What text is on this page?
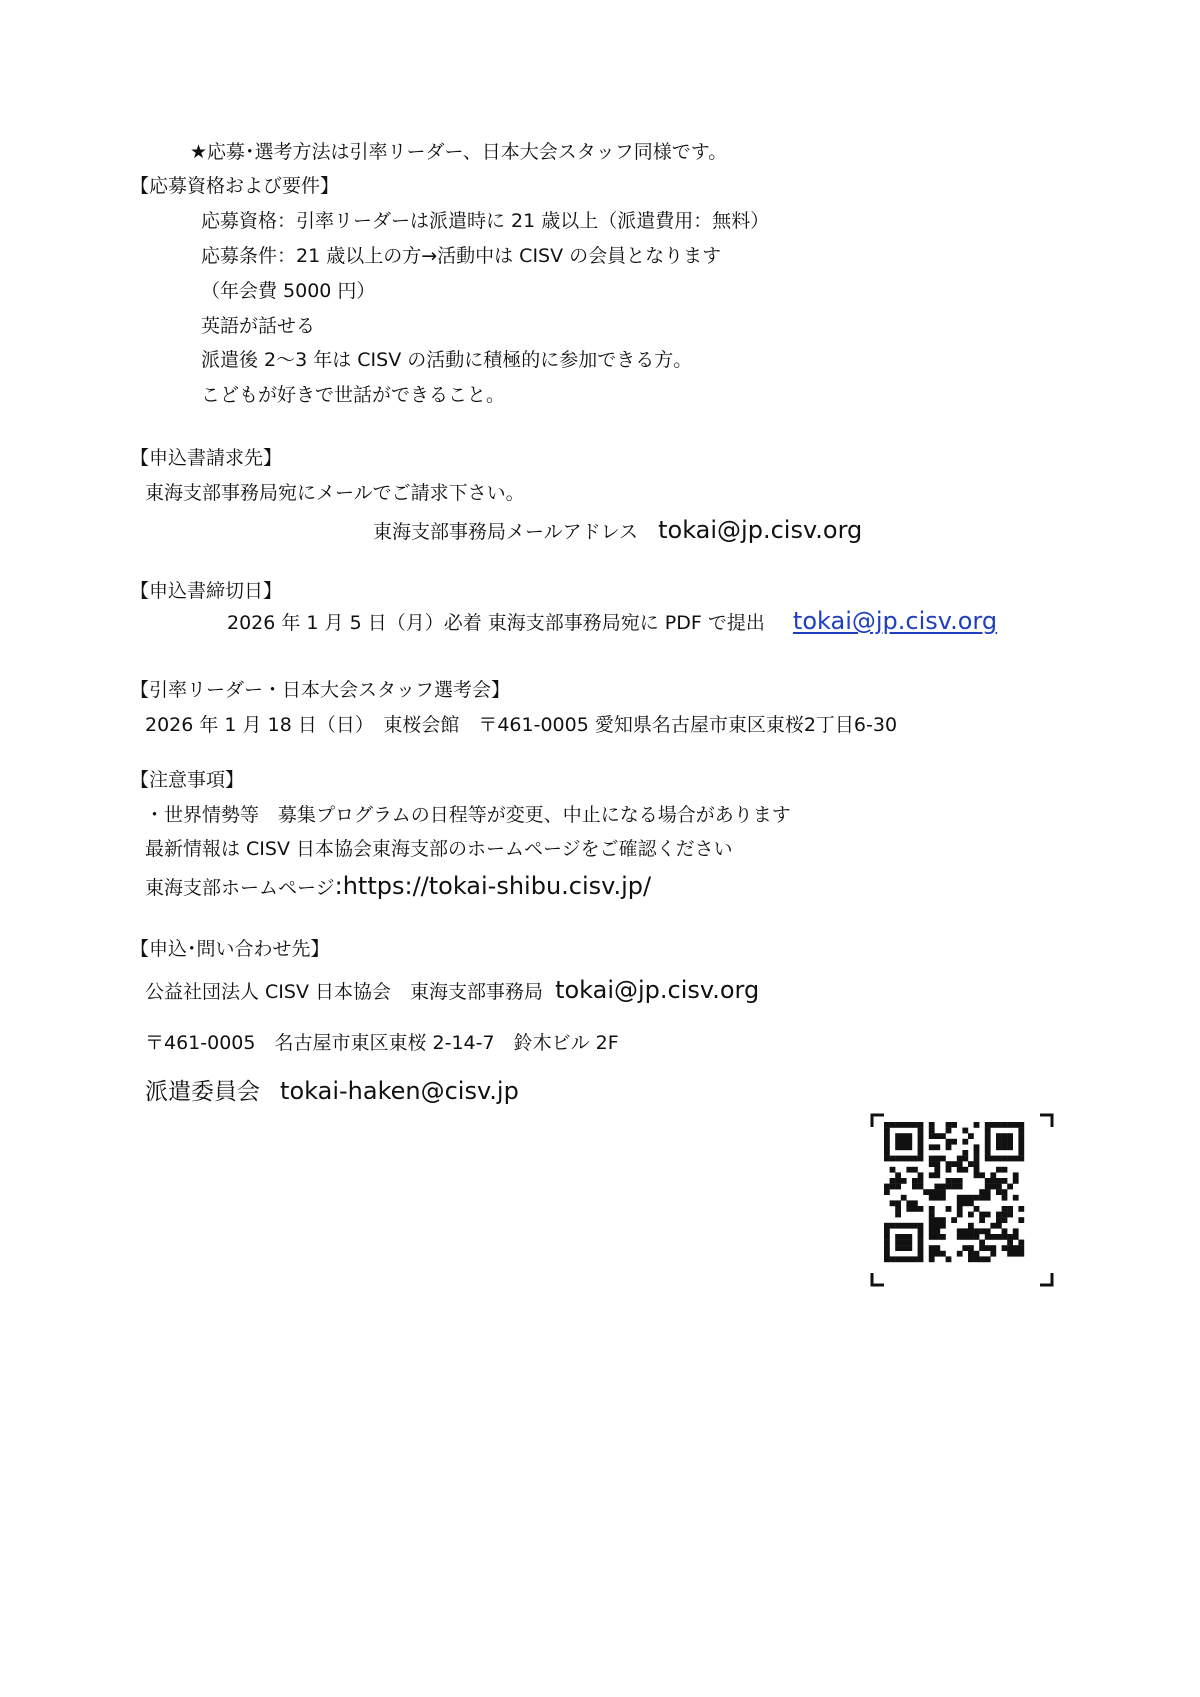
★応募･選考方法は引率リーダー、日本大会スタッフ同様です。
【応募資格および要件】
応募資格：引率リーダーは派遣時に 21 歳以上（派遣費用：無料）
応募条件：21 歳以上の方→活動中は CISV の会員となります
（年会費 5000 円）
英語が話せる
派遣後 2～3 年は CISV の活動に積極的に参加できる方。
こどもが好きで世話ができること。
【申込書請求先】
東海支部事務局宛にメールでご請求下さい。
東海支部事務局メールアドレス tokai@jp.cisv.org
【申込書締切日】
2026 年 1 月 5 日（月）必着 東海支部事務局宛に PDF で提出 tokai@jp.cisv.org
【引率リーダー・日本大会スタッフ選考会】
2026 年 1 月 18 日（日）　東桜会館　〒461-0005 愛知県名古屋市東区東桜2丁目6-30
【注意事項】
・世界情勢等　募集プログラムの日程等が変更、中止になる場合があります
最新情報は CISV 日本協会東海支部のホームページをご確認ください
東海支部ホームページ:https://tokai-shibu.cisv.jp/
【申込･問い合わせ先】
公益社団法人 CISV 日本協会　東海支部事務局 tokai@jp.cisv.org
〒461-0005　名古屋市東区東桜 2-14-7　鈴木ビル 2F
派遣委員会 tokai-haken@cisv.jp
